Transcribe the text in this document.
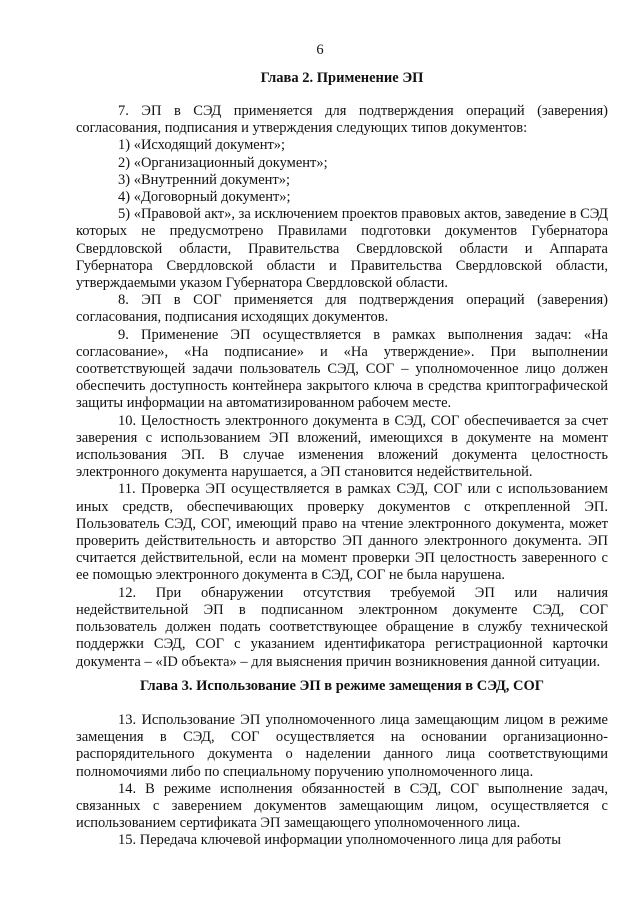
6
Глава 2. Применение ЭП

7. ЭП в СЭД применяется для подтверждения операций (заверения) согласования, подписания и утверждения следующих типов документов:

1) «Исходящий документ»;

2) «Организационный документ»;

3) «Внутренний документ»;

4) «Договорный документ»;

5) «Правовой акт», за исключением проектов правовых актов, заведение в СЭД которых не предусмотрено Правилами подготовки документов Губернатора Свердловской области, Правительства Свердловской области и Аппарата Губернатора Свердловской области и Правительства Свердловской области, утверждаемыми указом Губернатора Свердловской области.

8. ЭП в СОГ применяется для подтверждения операций (заверения) согласования, подписания исходящих документов.

9. Применение ЭП осуществляется в рамках выполнения задач: «На согласование», «На подписание» и «На утверждение». При выполнении соответствующей задачи пользователь СЭД, СОГ – уполномоченное лицо должен обеспечить доступность контейнера закрытого ключа в средства криптографической защиты информации на автоматизированном рабочем месте.

10. Целостность электронного документа в СЭД, СОГ обеспечивается за счет заверения с использованием ЭП вложений, имеющихся в документе на момент использования ЭП. В случае изменения вложений документа целостность электронного документа нарушается, а ЭП становится недействительной.

11. Проверка ЭП осуществляется в рамках СЭД, СОГ или с использованием иных средств, обеспечивающих проверку документов с открепленной ЭП. Пользователь СЭД, СОГ, имеющий право на чтение электронного документа, может проверить действительность и авторство ЭП данного электронного документа. ЭП считается действительной, если на момент проверки ЭП целостность заверенного с ее помощью электронного документа в СЭД, СОГ не была нарушена.

12. При обнаружении отсутствия требуемой ЭП или наличия недействительной ЭП в подписанном электронном документе СЭД, СОГ пользователь должен подать соответствующее обращение в службу технической поддержки СЭД, СОГ с указанием идентификатора регистрационной карточки документа – «ID объекта» – для выяснения причин возникновения данной ситуации.

Глава 3. Использование ЭП в режиме замещения в СЭД, СОГ

13. Использование ЭП уполномоченного лица замещающим лицом в режиме замещения в СЭД, СОГ осуществляется на основании организационно-распорядительного документа о наделении данного лица соответствующими полномочиями либо по специальному поручению уполномоченного лица.

14. В режиме исполнения обязанностей в СЭД, СОГ выполнение задач, связанных с заверением документов замещающим лицом, осуществляется с использованием сертификата ЭП замещающего уполномоченного лица.

15. Передача ключевой информации уполномоченного лица для работы
